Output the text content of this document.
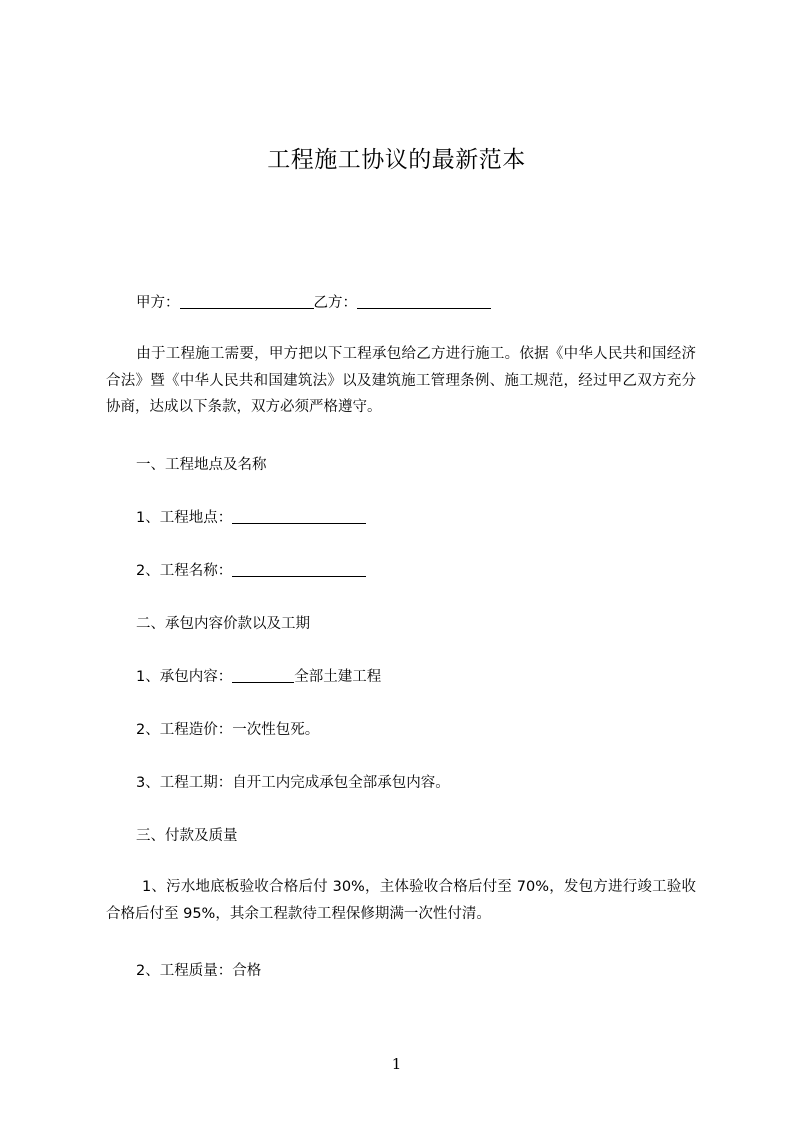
工程施工协议的最新范本
甲方：	乙方：
由于工程施工需要，甲方把以下工程承包给乙方进行施工。依据《中华人民共和国经济合法》暨《中华人民共和国建筑法》以及建筑施工管理条例、施工规范，经过甲乙双方充分协商，达成以下条款，双方必须严格遵守。
一、工程地点及名称
1、工程地点：
2、工程名称：
二、承包内容价款以及工期
1、承包内容：	全部土建工程
2、工程造价：一次性包死。
3、工程工期：自开工内完成承包全部承包内容。
三、付款及质量
1、污水地底板验收合格后付 30%，主体验收合格后付至 70%，发包方进行竣工验收合格后付至 95%，其余工程款待工程保修期满一次性付清。
2、工程质量：合格
1
